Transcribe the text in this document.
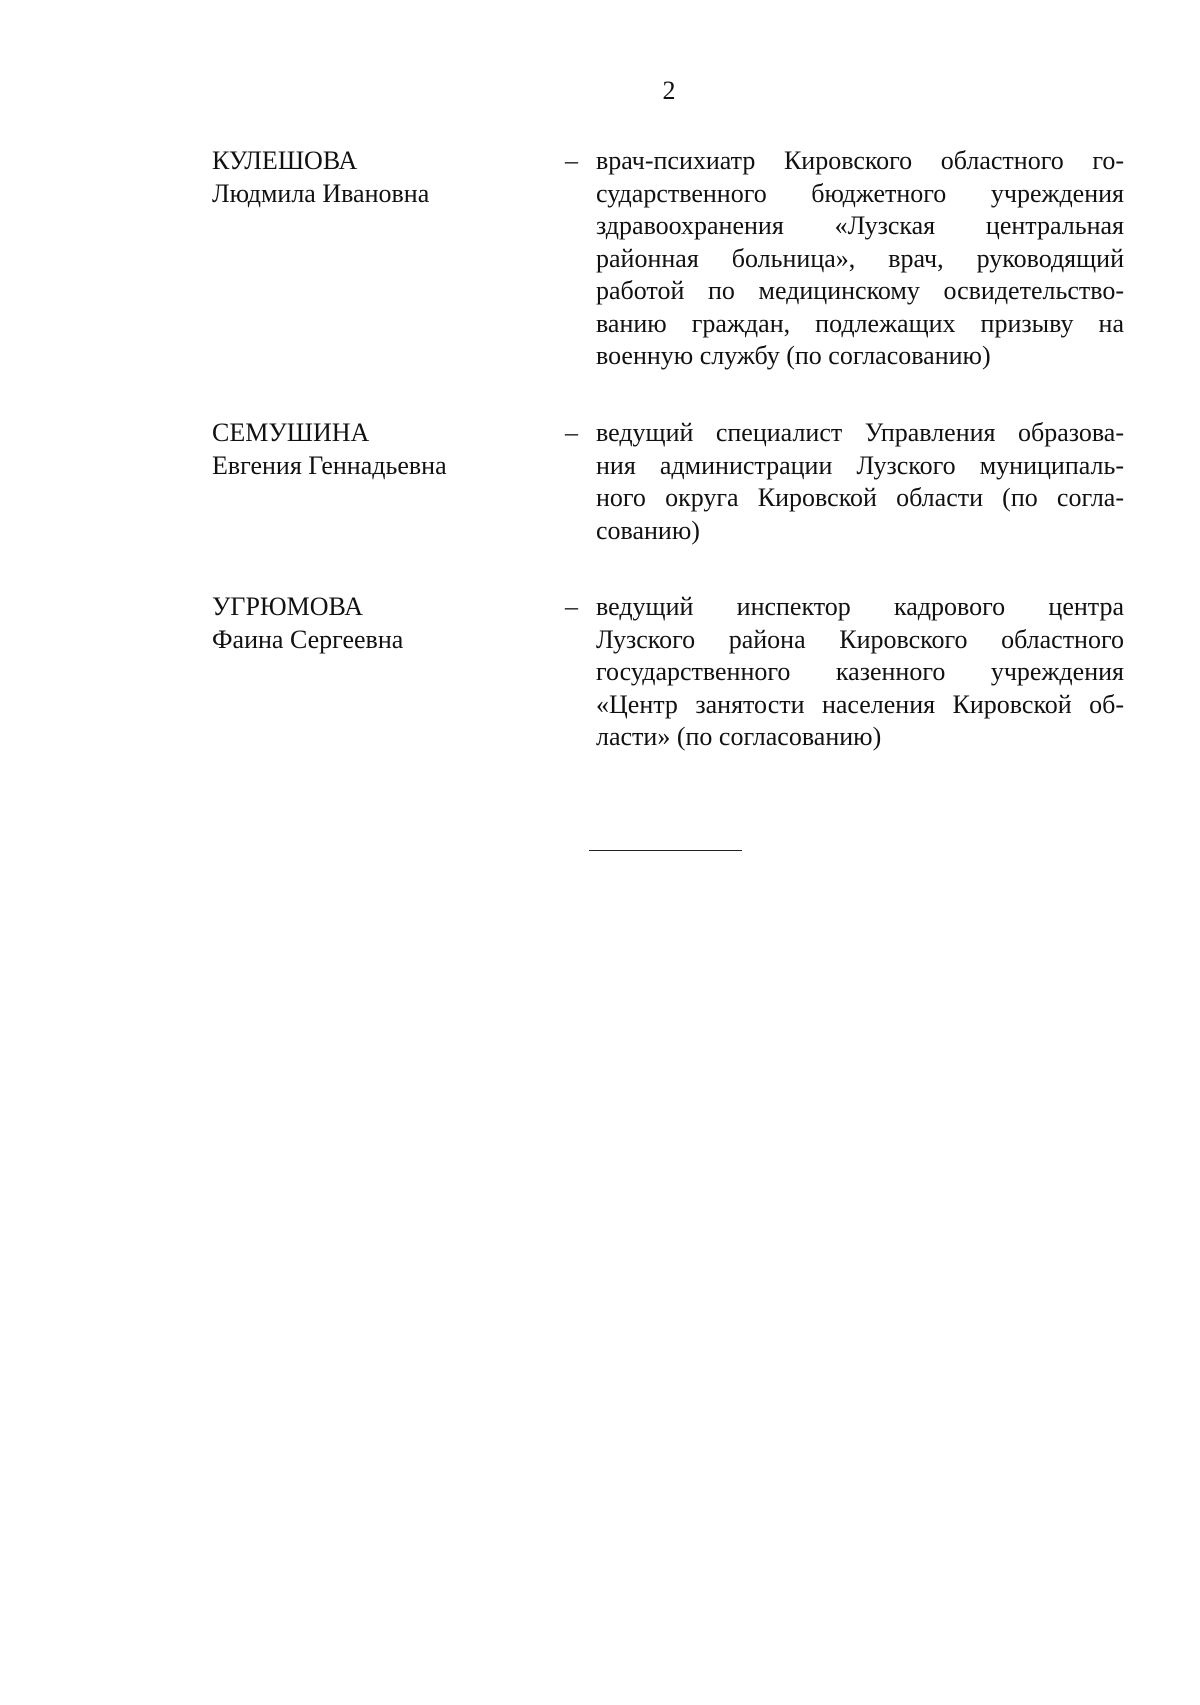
2
КУЛЕШОВА
Людмила Ивановна
– врач-психиатр Кировского областного го-
сударственного бюджетного учреждения
здравоохранения «Лузская центральная
районная больница», врач, руководящий
работой по медицинскому освидетельство-
ванию граждан, подлежащих призыву на
военную службу (по согласованию)
СЕМУШИНА
Евгения Геннадьевна
– ведущий специалист Управления образова-
ния администрации Лузского муниципаль-
ного округа Кировской области (по согла-
сованию)
УГРЮМОВА
Фаина Сергеевна
– ведущий инспектор кадрового центра
Лузского района Кировского областного
государственного казенного учреждения
«Центр занятости населения Кировской об-
ласти» (по согласованию)
